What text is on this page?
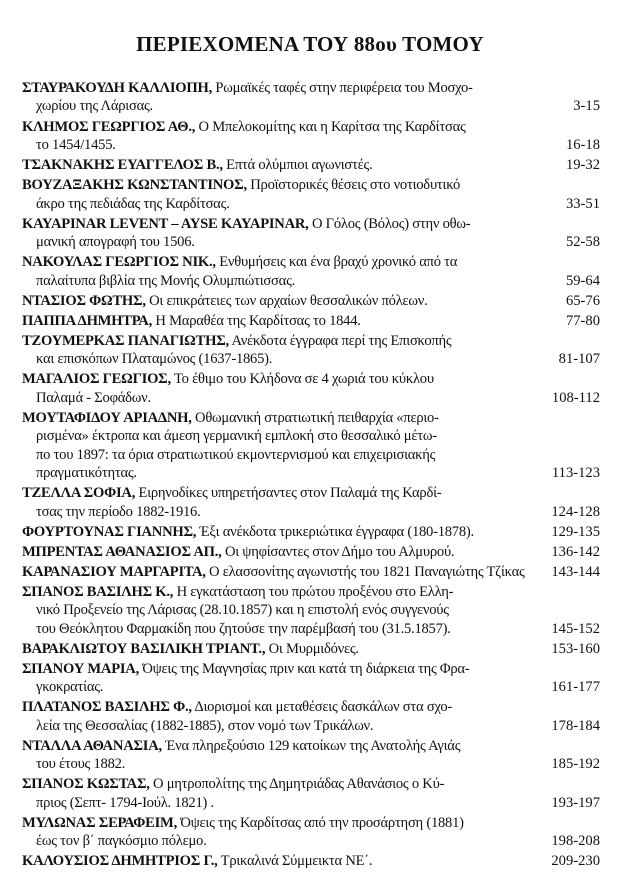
ΠΕΡΙΕΧΟΜΕΝΑ ΤΟΥ 88ου ΤΟΜΟΥ
ΣΤΑΥΡΑΚΟΥΔΗ ΚΑΛΛΙΟΠΗ, Ρωμαϊκές ταφές στην περιφέρεια του Μοσχο-
χωρίου της Λάρισας.	3-15
ΚΛΗΜΟΣ ΓΕΩΡΓΙΟΣ ΑΘ., Ο Μπελοκομίτης και η Καρίτσα της Καρδίτσας
το 1454/1455.	16-18
ΤΣΑΚΝΑΚΗΣ ΕΥΑΓΓΕΛΟΣ Β., Επτά ολύμπιοι αγωνιστές.	19-32
ΒΟΥΖΑΞΑΚΗΣ ΚΩΝΣΤΑΝΤΙΝΟΣ, Προϊστορικές θέσεις στο νοτιοδυτικό
άκρο της πεδιάδας της Καρδίτσας.	33-51
KAYAPINAR LEVENT – AYSE KAYAPINAR, Ο Γόλος (Βόλος) στην οθω-
μανική απογραφή του 1506.	52-58
ΝΑΚΟΥΛΑΣ ΓΕΩΡΓΙΟΣ ΝΙΚ., Ενθυμήσεις και ένα βραχύ χρονικό από τα
παλαίτυπα βιβλία της Μονής Ολυμπιώτισσας.	59-64
ΝΤΑΣΙΟΣ ΦΩΤΗΣ, Οι επικράτειες των αρχαίων θεσσαλικών πόλεων.	65-76
ΠΑΠΠΑ ΔΗΜΗΤΡΑ, Η Μαραθέα της Καρδίτσας το 1844.	77-80
ΤΖΟΥΜΕΡΚΑΣ ΠΑΝΑΓΙΩΤΗΣ, Ανέκδοτα έγγραφα περί της Επισκοπής
και επισκόπων Πλαταμώνος (1637-1865).	81-107
ΜΑΓΑΛΙΟΣ ΓΕΩΓΙΟΣ, Το έθιμο του Κλήδονα σε 4 χωριά του κύκλου
Παλαμά - Σοφάδων.	108-112
ΜΟΥΤΑΦΙΔΟΥ ΑΡΙΑΔΝΗ, Οθωμανική στρατιωτική πειθαρχία «περιο-
ρισμένα» έκτροπα και άμεση γερμανική εμπλοκή στο θεσσαλικό μέτω-
πο του 1897: τα όρια στρατιωτικού εκμοντερνισμού και επιχειρισιακής
πραγματικότητας.	113-123
ΤΖΕΛΛΑ ΣΟΦΙΑ, Ειρηνοδίκες υπηρετήσαντες στον Παλαμά της Καρδί-
τσας την περίοδο 1882-1916.	124-128
ΦΟΥΡΤΟΥΝΑΣ ΓΙΑΝΝΗΣ, Έξι ανέκδοτα τρικεριώτικα έγγραφα (180-1878).	129-135
ΜΠΡΕΝΤΑΣ ΑΘΑΝΑΣΙΟΣ ΑΠ., Οι ψηφίσαντες στον Δήμο του Αλμυρού.	136-142
ΚΑΡΑΝΑΣΙΟΥ ΜΑΡΓΑΡΙΤΑ, Ο ελασσονίτης αγωνιστής του 1821 Παναγιώτης Τζίκας	143-144
ΣΠΑΝΟΣ ΒΑΣΙΛΗΣ Κ., Η εγκατάσταση του πρώτου προξένου στο Ελλη-
νικό Προξενείο της Λάρισας (28.10.1857) και η επιστολή ενός συγγενούς
του Θεόκλητου Φαρμακίδη που ζητούσε την παρέμβασή του (31.5.1857).	145-152
ΒΑΡΑΚΛΙΩΤΟΥ ΒΑΣΙΛΙΚΗ ΤΡΙΑΝΤ., Οι Μυρμιδόνες.	153-160
ΣΠΑΝΟΥ ΜΑΡΙΑ, Όψεις της Μαγνησίας πριν και κατά τη διάρκεια της Φρα-
γκοκρατίας.	161-177
ΠΛΑΤΑΝΟΣ ΒΑΣΙΛΗΣ Φ., Διορισμοί και μεταθέσεις δασκάλων στα σχο-
λεία της Θεσσαλίας (1882-1885), στον νομό των Τρικάλων.	178-184
ΝΤΑΛΛΑ ΑΘΑΝΑΣΙΑ, Ένα πληρεξούσιο 129 κατοίκων της Ανατολής Αγιάς
του έτους 1882.	185-192
ΣΠΑΝΟΣ ΚΩΣΤΑΣ, Ο μητροπολίτης της Δημητριάδας Αθανάσιος ο Κύ-
πριος (Σεπτ- 1794-Ιούλ. 1821) .	193-197
ΜΥΛΩΝΑΣ ΣΕΡΑΦΕΙΜ, Όψεις της Καρδίτσας από την προσάρτηση (1881)
έως τον β΄ παγκόσμιο πόλεμο.	198-208
ΚΑΛΟΥΣΙΟΣ ΔΗΜΗΤΡΙΟΣ Γ., Τρικαλινά Σύμμεικτα ΝΕ΄.	209-230
